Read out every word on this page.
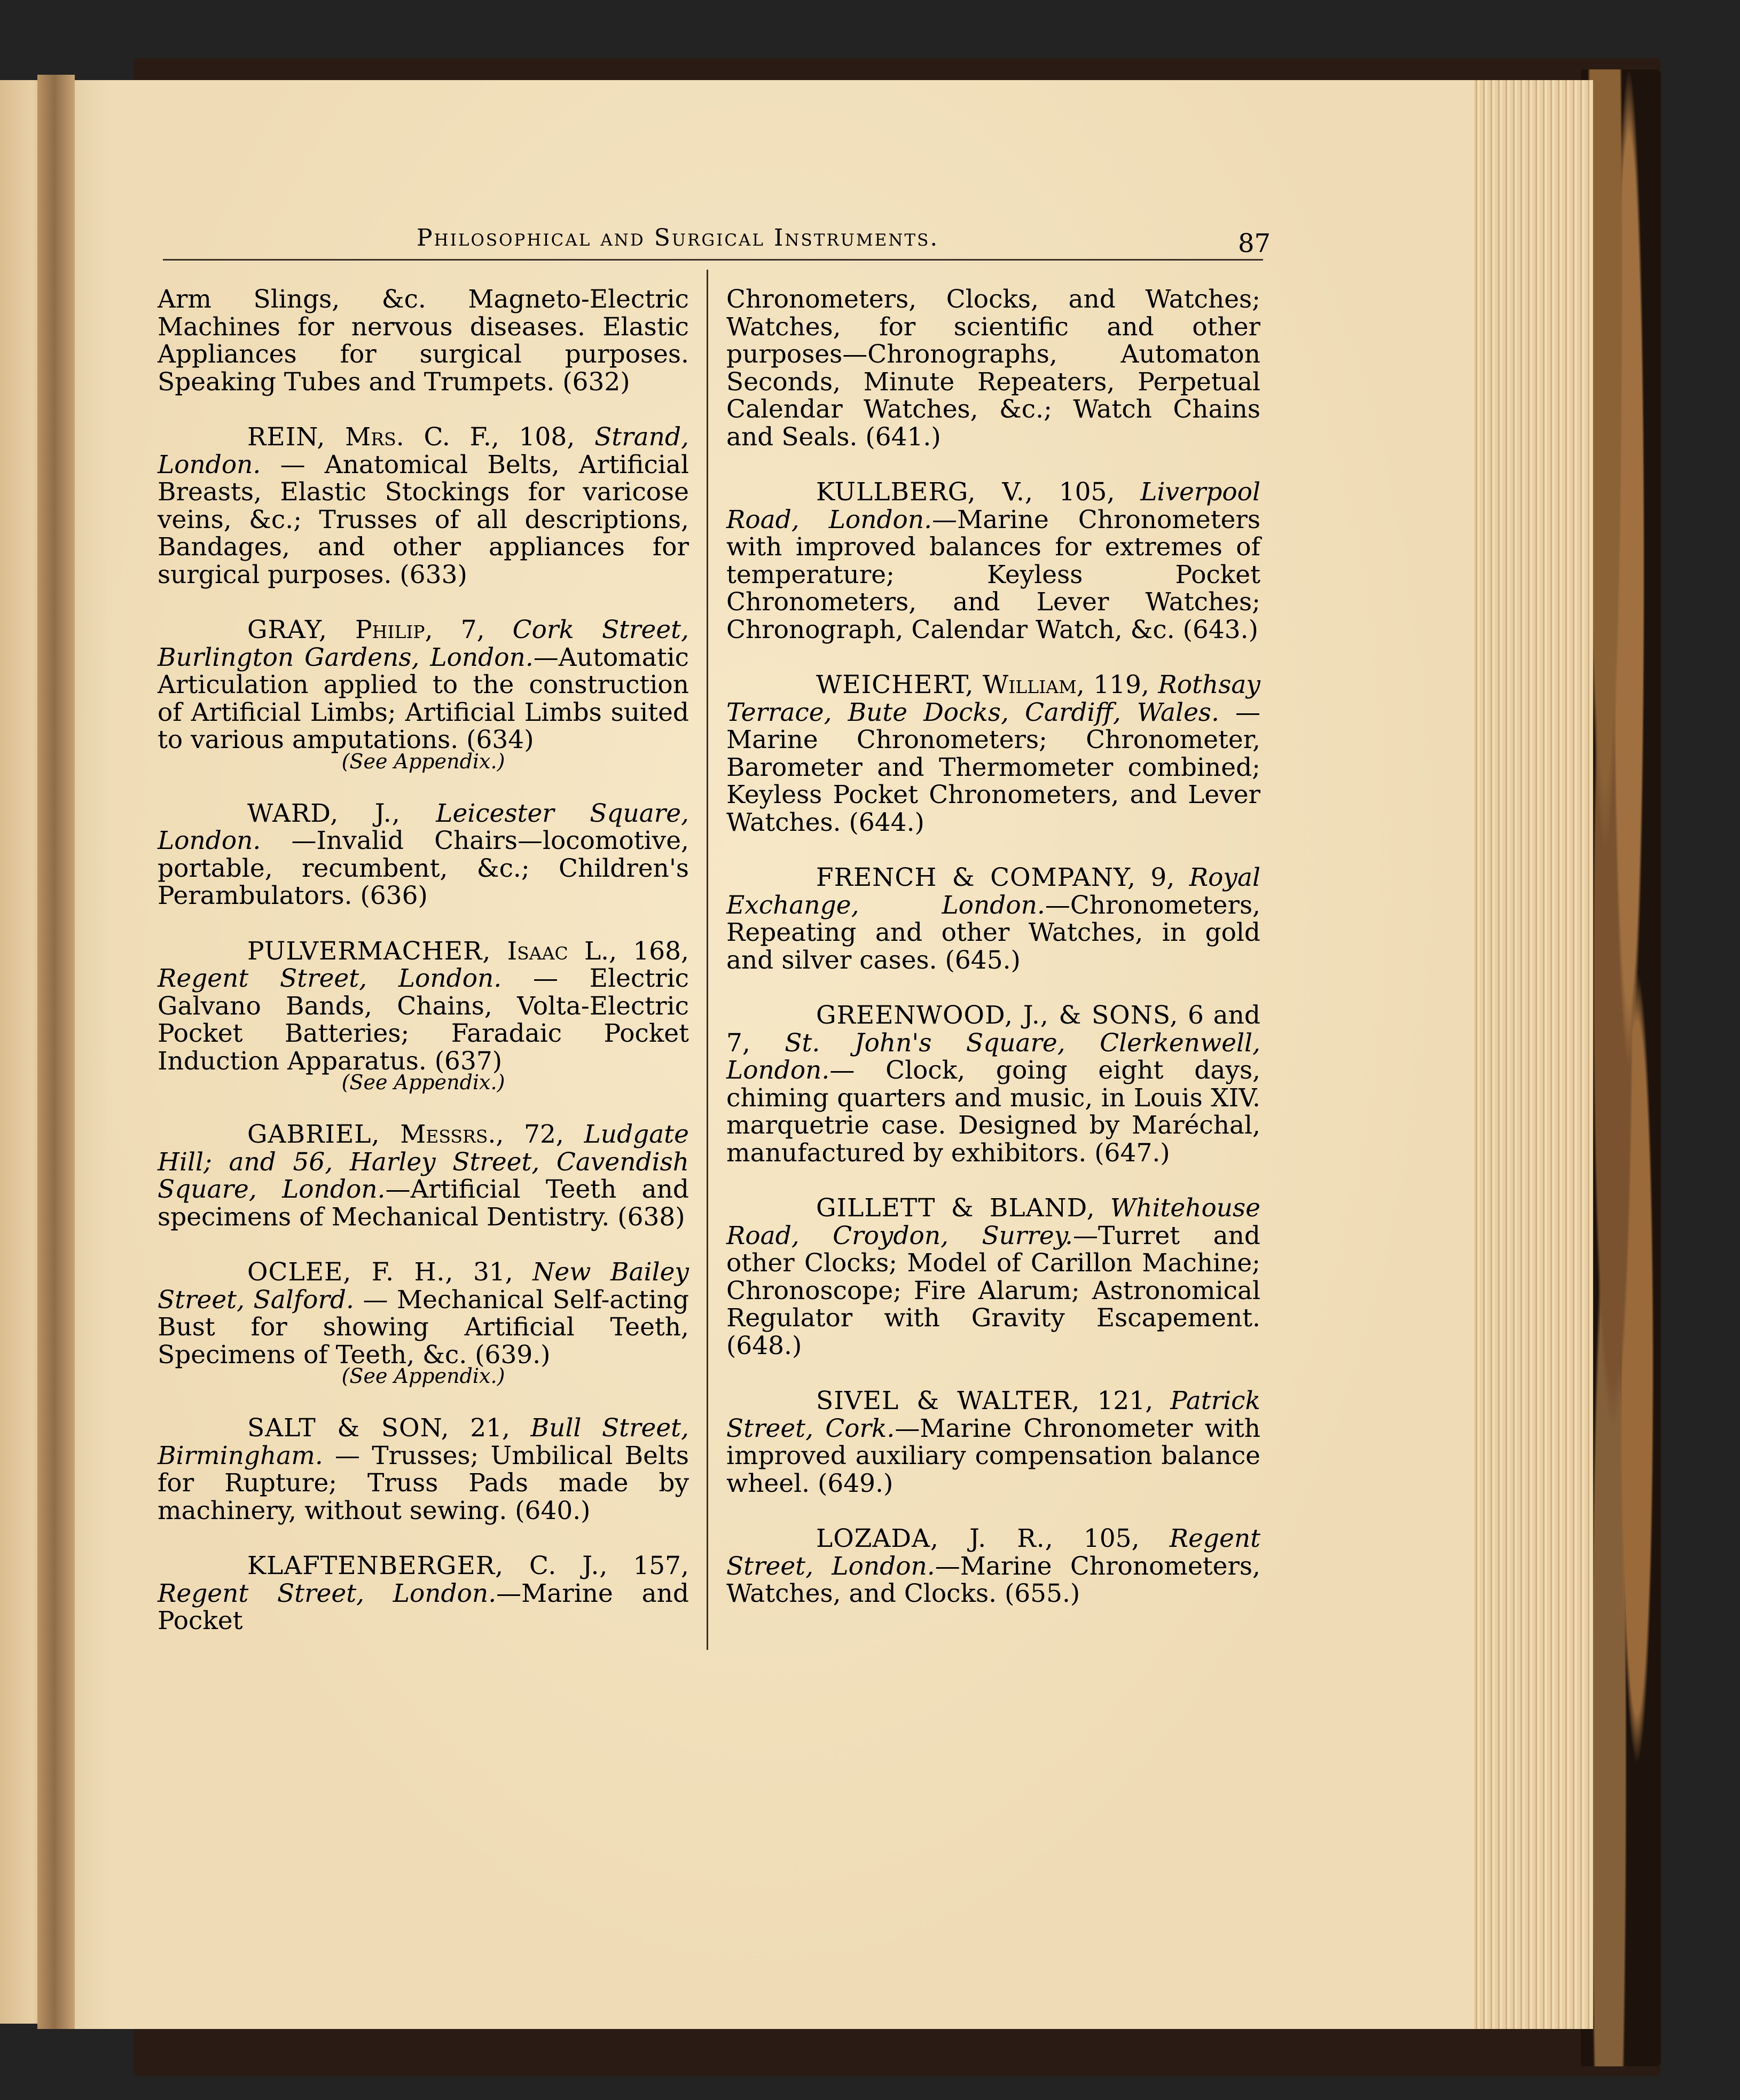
Philosophical and Surgical Instruments.	87

Arm Slings, &c. Magneto-Electric Machines for nervous diseases. Elastic Appliances for surgical purposes. Speaking Tubes and Trumpets. (632)

REIN, Mrs. C. F., 108, Strand, London. — Anatomical Belts, Artificial Breasts, Elastic Stockings for varicose veins, &c.; Trusses of all descriptions, Bandages, and other appliances for surgical purposes. (633)

GRAY, Philip, 7, Cork Street, Burlington Gardens, London.—Automatic Articulation applied to the construction of Artificial Limbs; Artificial Limbs suited to various amputations. (634)

(See Appendix.)

WARD, J., Leicester Square, London. —Invalid Chairs—locomotive, portable, recumbent, &c.; Children's Perambulators. (636)

PULVERMACHER, Isaac L., 168, Regent Street, London. — Electric Galvano Bands, Chains, Volta-Electric Pocket Batteries; Faradaic Pocket Induction Apparatus. (637)

(See Appendix.)

GABRIEL, Messrs., 72, Ludgate Hill; and 56, Harley Street, Cavendish Square, London.—Artificial Teeth and specimens of Mechanical Dentistry. (638)

OCLEE, F. H., 31, New Bailey Street, Salford. — Mechanical Self-acting Bust for showing Artificial Teeth, Specimens of Teeth, &c. (639.)

(See Appendix.)

SALT & SON, 21, Bull Street, Birmingham. — Trusses; Umbilical Belts for Rupture; Truss Pads made by machinery, without sewing. (640.)

KLAFTENBERGER, C. J., 157, Regent Street, London.—Marine and Pocket

Chronometers, Clocks, and Watches; Watches, for scientific and other purposes—Chronographs, Automaton Seconds, Minute Repeaters, Perpetual Calendar Watches, &c.; Watch Chains and Seals. (641.)

KULLBERG, V., 105, Liverpool Road, London.—Marine Chronometers with improved balances for extremes of temperature; Keyless Pocket Chronometers, and Lever Watches; Chronograph, Calendar Watch, &c. (643.)

WEICHERT, William, 119, Rothsay Terrace, Bute Docks, Cardiff, Wales. —Marine Chronometers; Chronometer, Barometer and Thermometer combined; Keyless Pocket Chronometers, and Lever Watches. (644.)

FRENCH & COMPANY, 9, Royal Exchange, London.—Chronometers, Repeating and other Watches, in gold and silver cases. (645.)

GREENWOOD, J., & SONS, 6 and 7, St. John's Square, Clerkenwell, London.— Clock, going eight days, chiming quarters and music, in Louis XIV. marquetrie case. Designed by Maréchal, manufactured by exhibitors. (647.)

GILLETT & BLAND, Whitehouse Road, Croydon, Surrey.—Turret and other Clocks; Model of Carillon Machine; Chronoscope; Fire Alarum; Astronomical Regulator with Gravity Escapement. (648.)

SIVEL & WALTER, 121, Patrick Street, Cork.—Marine Chronometer with improved auxiliary compensation balance wheel. (649.)

LOZADA, J. R., 105, Regent Street, London.—Marine Chronometers, Watches, and Clocks. (655.)
